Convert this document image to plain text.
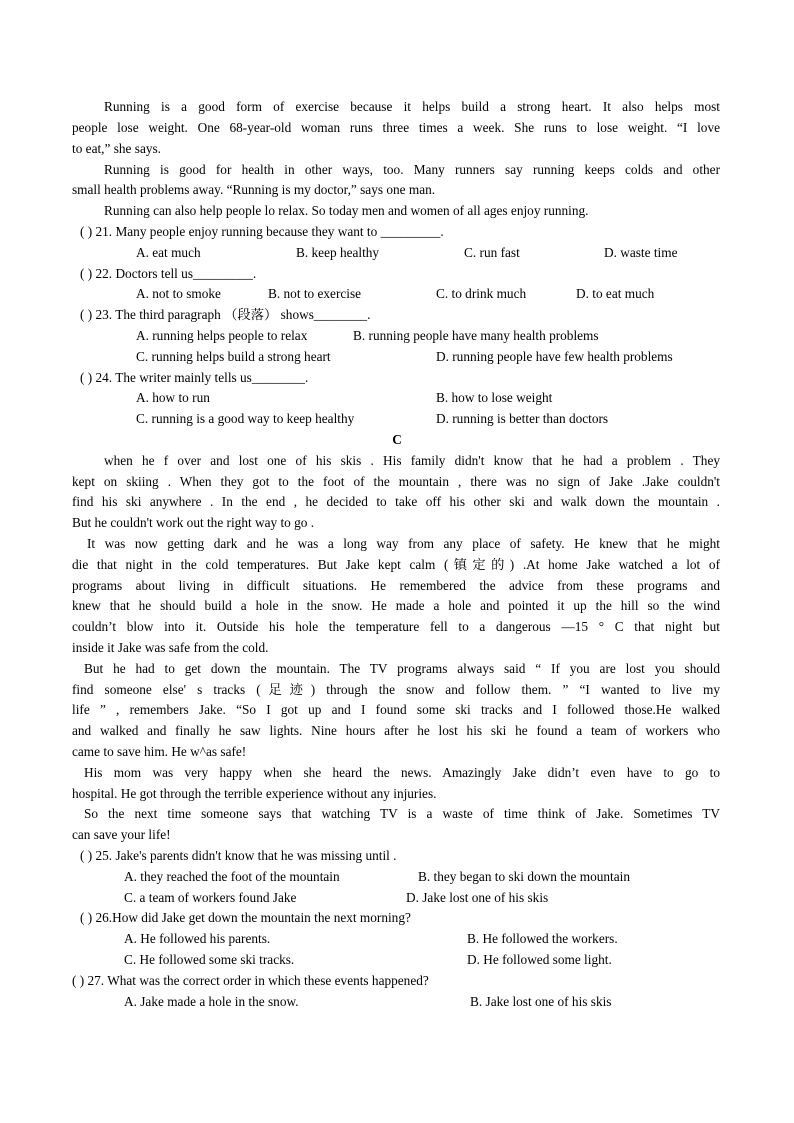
Running is a good form of exercise because it helps build a strong heart. It also helps most
people lose weight. One 68-year-old woman runs three times a week. She runs to lose weight. “I love
to eat,” she says.
Running is good for health in other ways, too. Many runners say running keeps colds and other
small health problems away. “Running is my doctor,” says one man.
Running can also help people lo relax. So today men and women of all ages enjoy running.
( ) 21. Many people enjoy running because they want to _________.
A. eat much	B. keep healthy	C. run fast	D. waste time
( ) 22. Doctors tell us_________.
A. not to smoke	B. not to exercise	C. to drink much	D. to eat much
( ) 23. The third paragraph （段落） shows________.
A. running helps people to relax	B. running people have many health problems
C. running helps build a strong heart	D. running people have few health problems
( ) 24. The writer mainly tells us________.
A. how to run	B. how to lose weight
C. running is a good way to keep healthy	D. running is better than doctors
C
when he f over and lost one of his skis . His family didn't know that he had a problem . They
kept on skiing . When they got to the foot of the mountain , there was no sign of Jake .Jake couldn't
find his ski anywhere . In the end , he decided to take off his other ski and walk down the mountain .
But he couldn't work out the right way to go .
It was now getting dark and he was a long way from any place of safety. He knew that he might
die that night in the cold temperatures. But Jake kept calm (镇定的) .At home Jake watched a lot of
programs about living in difficult situations. He remembered the advice from these programs and
knew that he should build a hole in the snow. He made a hole and pointed it up the hill so the wind
couldn’t blow into it. Outside his hole the temperature fell to a dangerous —15 ° C that night but
inside it Jake was safe from the cold.
But he had to get down the mountain. The TV programs always said “ If you are lost you should
find someone else' s tracks (足迹) through the snow and follow them. ” “I wanted to live my
life ” , remembers Jake. “So I got up and I found some ski tracks and I followed those.He walked
and walked and finally he saw lights. Nine hours after he lost his ski he found a team of workers who
came to save him. He w^as safe!
His mom was very happy when she heard the news. Amazingly Jake didn’t even have to go to
hospital. He got through the terrible experience without any injuries.
So the next time someone says that watching TV is a waste of time think of Jake. Sometimes TV
can save your life!
( ) 25. Jake's parents didn't know that he was missing until .
A. they reached the foot of the mountain	B. they began to ski down the mountain
C. a team of workers found Jake	D. Jake lost one of his skis
( ) 26.How did Jake get down the mountain the next morning?
A. He followed his parents.	B. He followed the workers.
C. He followed some ski tracks.	D. He followed some light.
( ) 27. What was the correct order in which these events happened?
A. Jake made a hole in the snow.	B. Jake lost one of his skis
